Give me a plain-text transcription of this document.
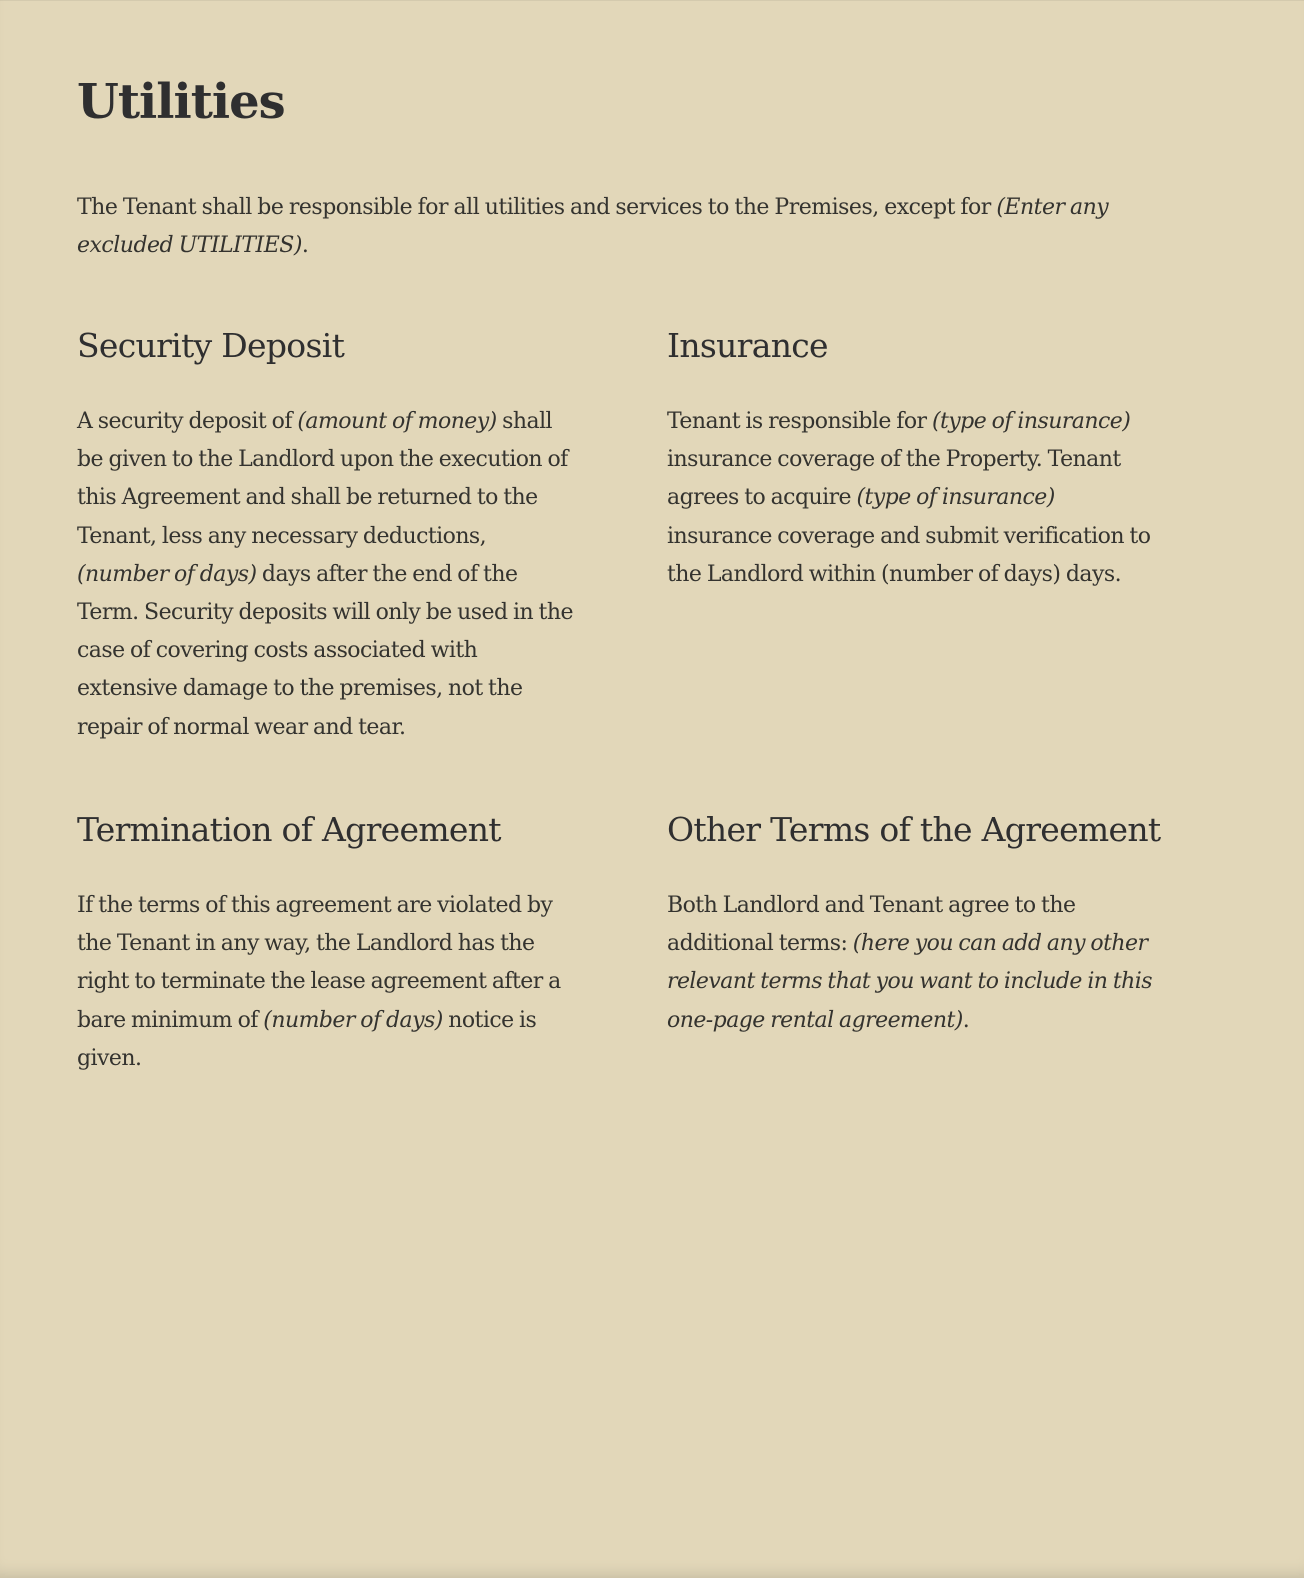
Utilities

The Tenant shall be responsible for all utilities and services to the Premises, except for (Enter any
excluded UTILITIES).

Security Deposit

A security deposit of (amount of money) shall
be given to the Landlord upon the execution of
this Agreement and shall be returned to the
Tenant, less any necessary deductions,
(number of days) days after the end of the
Term. Security deposits will only be used in the
case of covering costs associated with
extensive damage to the premises, not the
repair of normal wear and tear.

Insurance

Tenant is responsible for (type of insurance)
insurance coverage of the Property. Tenant
agrees to acquire (type of insurance)
insurance coverage and submit verification to
the Landlord within (number of days) days.

Termination of Agreement

If the terms of this agreement are violated by
the Tenant in any way, the Landlord has the
right to terminate the lease agreement after a
bare minimum of (number of days) notice is
given.

Other Terms of the Agreement

Both Landlord and Tenant agree to the
additional terms: (here you can add any other
relevant terms that you want to include in this
one-page rental agreement).
